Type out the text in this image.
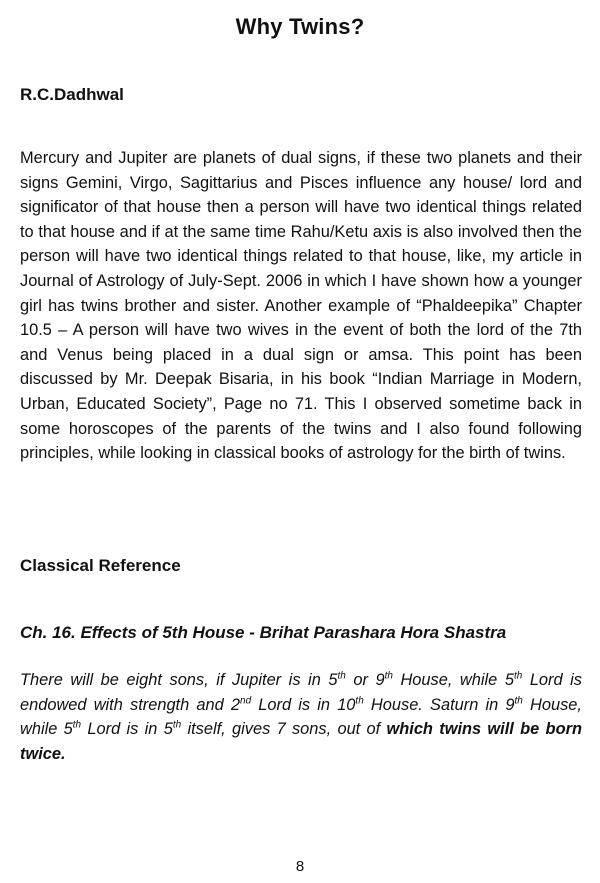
Why Twins?
R.C.Dadhwal

Mercury and Jupiter are planets of dual signs, if these two planets and their signs Gemini, Virgo, Sagittarius and Pisces influence any house/ lord and significator of that house then a person will have two identical things related to that house and if at the same time Rahu/Ketu axis is also involved then the person will have two identical things related to that house, like, my article in Journal of Astrology of July-Sept. 2006 in which I have shown how a younger girl has twins brother and sister. Another example of “Phaldeepika” Chapter 10.5 – A person will have two wives in the event of both the lord of the 7th and Venus being placed in a dual sign or amsa. This point has been discussed by Mr. Deepak Bisaria, in his book “Indian Marriage in Modern, Urban, Educated Society”, Page no 71. This I observed sometime back in some horoscopes of the parents of the twins and I also found following principles, while looking in classical books of astrology for the birth of twins.

Classical Reference
Ch. 16. Effects of 5th House - Brihat Parashara Hora Shastra

There will be eight sons, if Jupiter is in 5th or 9th House, while 5th Lord is endowed with strength and 2nd Lord is in 10th House. Saturn in 9th House, while 5th Lord is in 5th itself, gives 7 sons, out of which twins will be born twice.

8
